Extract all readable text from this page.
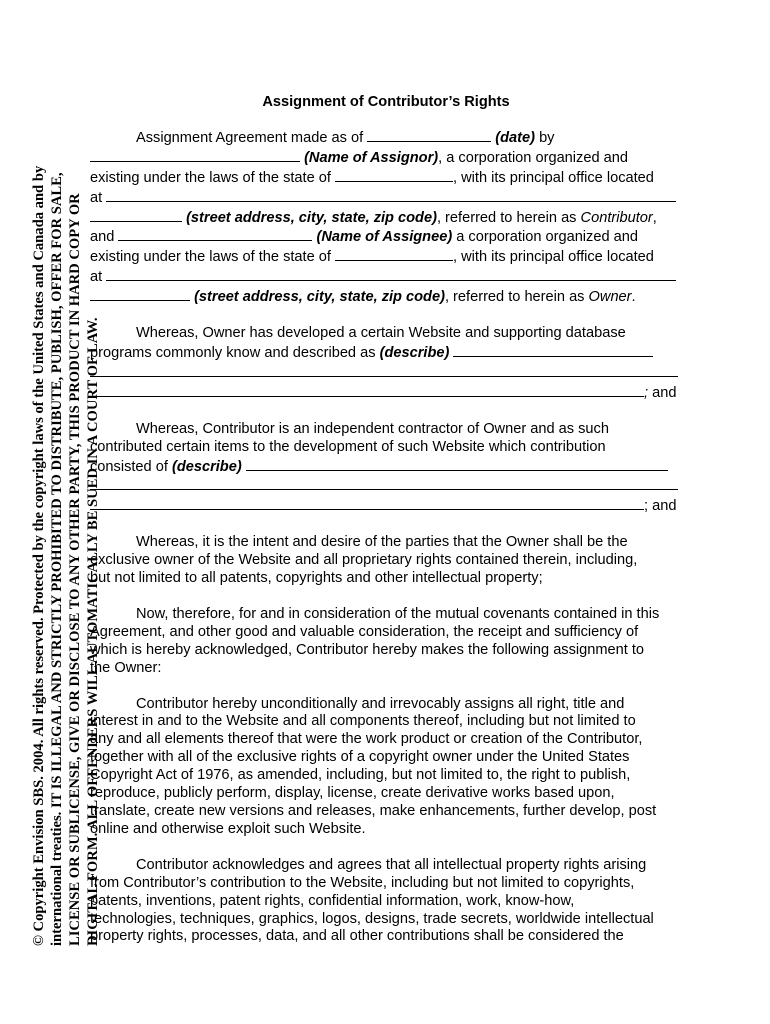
© Copyright Envision SBS. 2004. All rights reserved. Protected by the copyright laws of the United States and Canada and by international treaties. IT IS ILLEGAL AND STRICTLY PROHIBITED TO DISTRIBUTE, PUBLISH, OFFER FOR SALE, LICENSE OR SUBLICENSE, GIVE OR DISCLOSE TO ANY OTHER PARTY, THIS PRODUCT IN HARD COPY OR DIGITAL FORM. ALL OFFENDERS WILL AUTOMATICALLY BE SUED IN A COURT OF LAW.
Assignment of Contributor’s Rights
Assignment Agreement made as of	(date) by
(Name of Assignor), a corporation organized and
existing under the laws of the state of	, with its principal office located
at
(street address, city, state, zip code), referred to herein as Contributor,
and	(Name of Assignee) a corporation organized and
existing under the laws of the state of	, with its principal office located
at
(street address, city, state, zip code), referred to herein as Owner.
Whereas, Owner has developed a certain Website and supporting database
programs commonly know and described as (describe)
; and
Whereas, Contributor is an independent contractor of Owner and as such
contributed certain items to the development of such Website which contribution
consisted of (describe)
; and
Whereas, it is the intent and desire of the parties that the Owner shall be the
exclusive owner of the Website and all proprietary rights contained therein, including,
but not limited to all patents, copyrights and other intellectual property;
Now, therefore, for and in consideration of the mutual covenants contained in this
Agreement, and other good and valuable consideration, the receipt and sufficiency of
which is hereby acknowledged, Contributor hereby makes the following assignment to
the Owner:
Contributor hereby unconditionally and irrevocably assigns all right, title and
interest in and to the Website and all components thereof, including but not limited to
any and all elements thereof that were the work product or creation of the Contributor,
together with all of the exclusive rights of a copyright owner under the United States
Copyright Act of 1976, as amended, including, but not limited to, the right to publish,
reproduce, publicly perform, display, license, create derivative works based upon,
translate, create new versions and releases, make enhancements, further develop, post
online and otherwise exploit such Website.
Contributor acknowledges and agrees that all intellectual property rights arising
from Contributor’s contribution to the Website, including but not limited to copyrights,
patents, inventions, patent rights, confidential information, work, know-how,
technologies, techniques, graphics, logos, designs, trade secrets, worldwide intellectual
property rights, processes, data, and all other contributions shall be considered the
